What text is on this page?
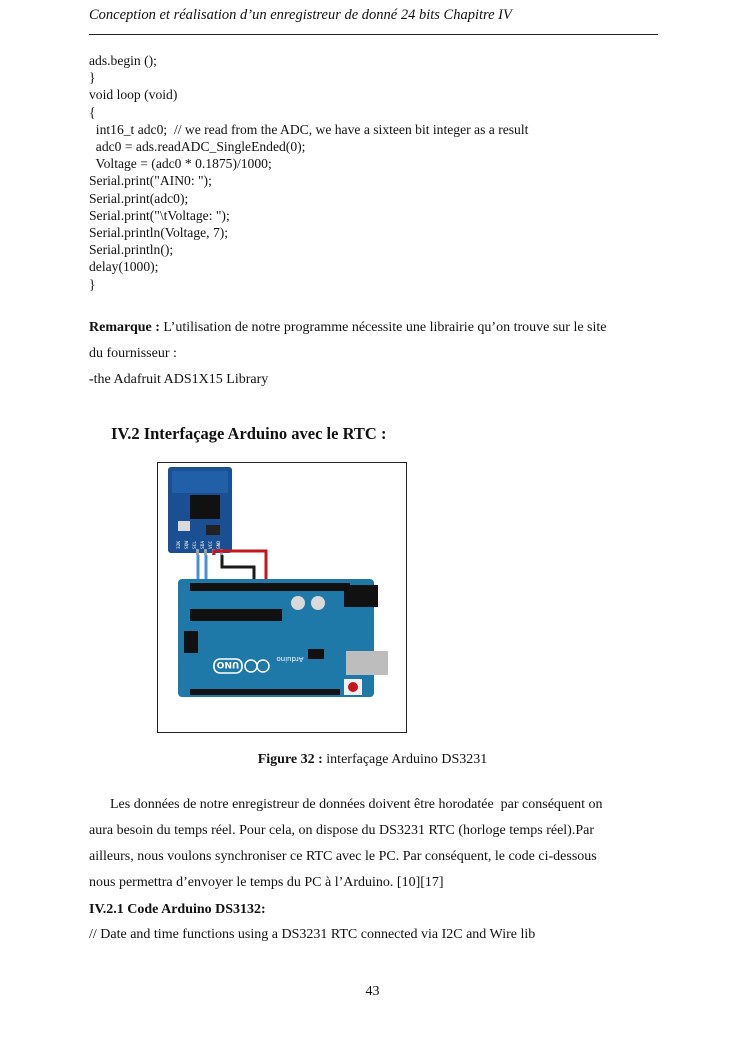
Conception et réalisation d’un enregistreur de donné 24 bits Chapitre IV
ads.begin ();
}
void loop (void)
{
int16_t adc0;  // we read from the ADC, we have a sixteen bit integer as a result
adc0 = ads.readADC_SingleEnded(0);
Voltage = (adc0 * 0.1875)/1000;
Serial.print("AIN0: ");
Serial.print(adc0);
Serial.print("\tVoltage: ");
Serial.println(Voltage, 7);
Serial.println();
delay(1000);
}
Remarque : L’utilisation de notre programme nécessite une librairie qu’on trouve sur le site
du fournisseur :
-the Adafruit ADS1X15 Library
IV.2 Interfaçage Arduino avec le RTC :
32K SQW SCL SDA VCC GND
UNO	Arduino
Figure 32 : interfaçage Arduino DS3231
Les données de notre enregistreur de données doivent être horodatée  par conséquent on
aura besoin du temps réel. Pour cela, on dispose du DS3231 RTC (horloge temps réel).Par
ailleurs, nous voulons synchroniser ce RTC avec le PC. Par conséquent, le code ci-dessous
nous permettra d’envoyer le temps du PC à l’Arduino. [10][17]
IV.2.1 Code Arduino DS3132:
// Date and time functions using a DS3231 RTC connected via I2C and Wire lib
43
